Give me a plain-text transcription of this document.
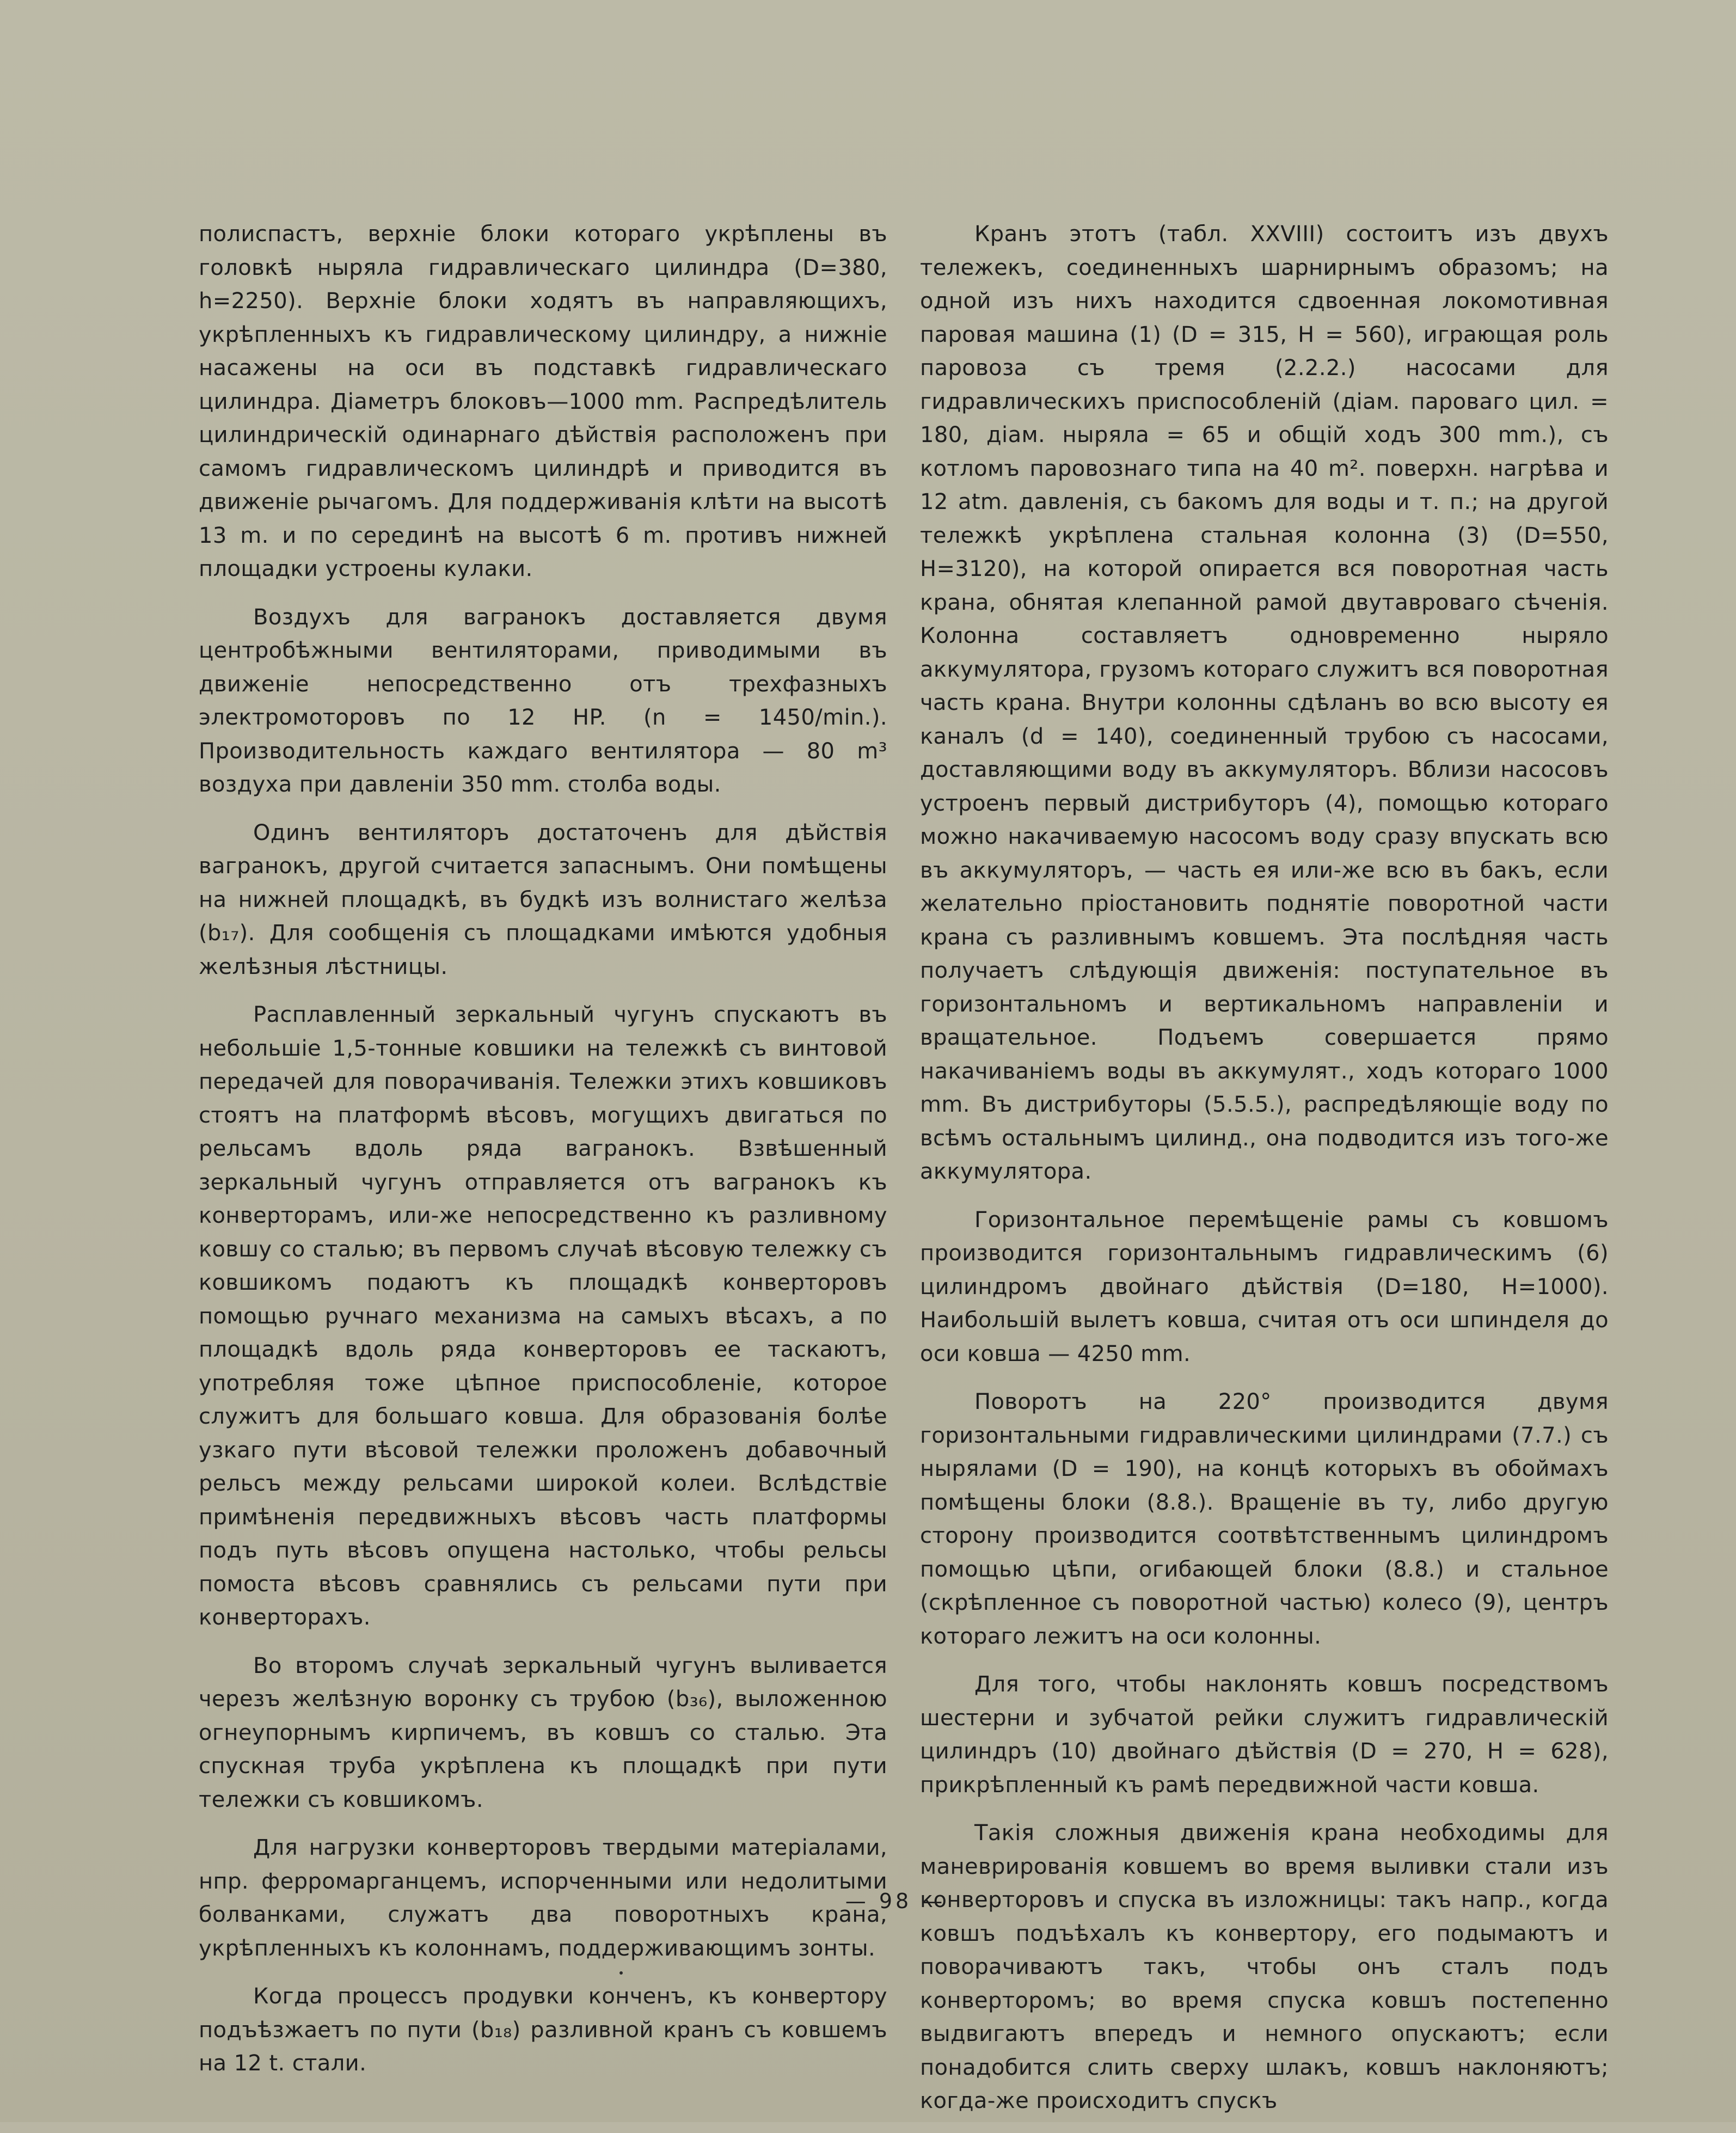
полиспастъ, верхніе блоки котораго укрѣплены въ головкѣ ныряла гидравлическаго цилиндра (D=380, h=2250). Верхніе блоки ходятъ въ направляющихъ, укрѣпленныхъ къ гидравлическому цилиндру, а нижніе насажены на оси въ подставкѣ гидравлическаго цилиндра. Діаметръ блоковъ—1000 mm. Распредѣлитель цилиндрическій одинарнаго дѣйствія расположенъ при самомъ гидравлическомъ цилиндрѣ и приводится въ движеніе рычагомъ. Для поддерживанія клѣти на высотѣ 13 m. и по серединѣ на высотѣ 6 m. противъ нижней площадки устроены кулаки.

Воздухъ для вагранокъ доставляется двумя центробѣжными вентиляторами, приводимыми въ движеніе непосредственно отъ трехфазныхъ электромоторовъ по 12 HP. (n = 1450/min.). Производительность каждаго вентилятора — 80 m³ воздуха при давленіи 350 mm. столба воды.

Одинъ вентиляторъ достаточенъ для дѣйствія вагранокъ, другой считается запаснымъ. Они помѣщены на нижней площадкѣ, въ будкѣ изъ волнистаго желѣза (b₁₇). Для сообщенія съ площадками имѣются удобныя желѣзныя лѣстницы.

Расплавленный зеркальный чугунъ спускаютъ въ небольшіе 1,5-тонные ковшики на тележкѣ съ винтовой передачей для поворачиванія. Тележки этихъ ковшиковъ стоятъ на платформѣ вѣсовъ, могущихъ двигаться по рельсамъ вдоль ряда вагранокъ. Взвѣшенный зеркальный чугунъ отправляется отъ вагранокъ къ конверторамъ, или-же непосредственно къ разливному ковшу со сталью; въ первомъ случаѣ вѣсовую тележку съ ковшикомъ подаютъ къ площадкѣ конверторовъ помощью ручнаго механизма на самыхъ вѣсахъ, а по площадкѣ вдоль ряда конверторовъ ее таскаютъ, употребляя тоже цѣпное приспособленіе, которое служитъ для большаго ковша. Для образованія болѣе узкаго пути вѣсовой тележки проложенъ добавочный рельсъ между рельсами широкой колеи. Вслѣдствіе примѣненія передвижныхъ вѣсовъ часть платформы подъ путь вѣсовъ опущена настолько, чтобы рельсы помоста вѣсовъ сравнялись съ рельсами пути при конверторахъ.

Во второмъ случаѣ зеркальный чугунъ выливается черезъ желѣзную воронку съ трубою (b₃₆), выложенною огнеупорнымъ кирпичемъ, въ ковшъ со сталью. Эта спускная труба укрѣплена къ площадкѣ при пути тележки съ ковшикомъ.

Для нагрузки конверторовъ твердыми матеріалами, нпр. ферромарганцемъ, испорченными или недолитыми болванками, служатъ два поворотныхъ крана, укрѣпленныхъ къ колоннамъ, поддерживающимъ зонты.

Когда процессъ продувки конченъ, къ конвертору подъѣзжаетъ по пути (b₁₈) разливной кранъ съ ковшемъ на 12 t. стали.

Кранъ этотъ (табл. XXVIII) состоитъ изъ двухъ тележекъ, соединенныхъ шарнирнымъ образомъ; на одной изъ нихъ находится сдвоенная локомотивная паровая машина (1) (D = 315, H = 560), играющая роль паровоза съ тремя (2.2.2.) насосами для гидравлическихъ приспособленій (діам. пароваго цил. = 180, діам. ныряла = 65 и общій ходъ 300 mm.), съ котломъ паровознаго типа на 40 m². поверхн. нагрѣва и 12 atm. давленія, съ бакомъ для воды и т. п.; на другой тележкѣ укрѣплена стальная колонна (3) (D=550, H=3120), на которой опирается вся поворотная часть крана, обнятая клепанной рамой двутавроваго сѣченія. Колонна составляетъ одновременно ныряло аккумулятора, грузомъ котораго служитъ вся поворотная часть крана. Внутри колонны сдѣланъ во всю высоту ея каналъ (d = 140), соединенный трубою съ насосами, доставляющими воду въ аккумуляторъ. Вблизи насосовъ устроенъ первый дистрибуторъ (4), помощью котораго можно накачиваемую насосомъ воду сразу впускать всю въ аккумуляторъ, — часть ея или-же всю въ бакъ, если желательно пріостановить поднятіе поворотной части крана съ разливнымъ ковшемъ. Эта послѣдняя часть получаетъ слѣдующія движенія: поступательное въ горизонтальномъ и вертикальномъ направленіи и вращательное. Подъемъ совершается прямо накачиваніемъ воды въ аккумулят., ходъ котораго 1000 mm. Въ дистрибуторы (5.5.5.), распредѣляющіе воду по всѣмъ остальнымъ цилинд., она подводится изъ того-же аккумулятора.

Горизонтальное перемѣщеніе рамы съ ковшомъ производится горизонтальнымъ гидравлическимъ (6) цилиндромъ двойнаго дѣйствія (D=180, H=1000). Наибольшій вылетъ ковша, считая отъ оси шпинделя до оси ковша — 4250 mm.

Поворотъ на 220° производится двумя горизонтальными гидравлическими цилиндрами (7.7.) съ нырялами (D = 190), на концѣ которыхъ въ обоймахъ помѣщены блоки (8.8.). Вращеніе въ ту, либо другую сторону производится соотвѣтственнымъ цилиндромъ помощью цѣпи, огибающей блоки (8.8.) и стальное (скрѣпленное съ поворотной частью) колесо (9), центръ котораго лежитъ на оси колонны.

Для того, чтобы наклонять ковшъ посредствомъ шестерни и зубчатой рейки служитъ гидравлическій цилиндръ (10) двойнаго дѣйствія (D = 270, H = 628), прикрѣпленный къ рамѣ передвижной части ковша.

Такія сложныя движенія крана необходимы для маневрированія ковшемъ во время выливки стали изъ конверторовъ и спуска въ изложницы: такъ напр., когда ковшъ подъѣхалъ къ конвертору, его подымаютъ и поворачиваютъ такъ, чтобы онъ сталъ подъ конверторомъ; во время спуска ковшъ постепенно выдвигаютъ впередъ и немного опускаютъ; если понадобится слить сверху шлакъ, ковшъ наклоняютъ; когда-же происходитъ спускъ

— 98 —
